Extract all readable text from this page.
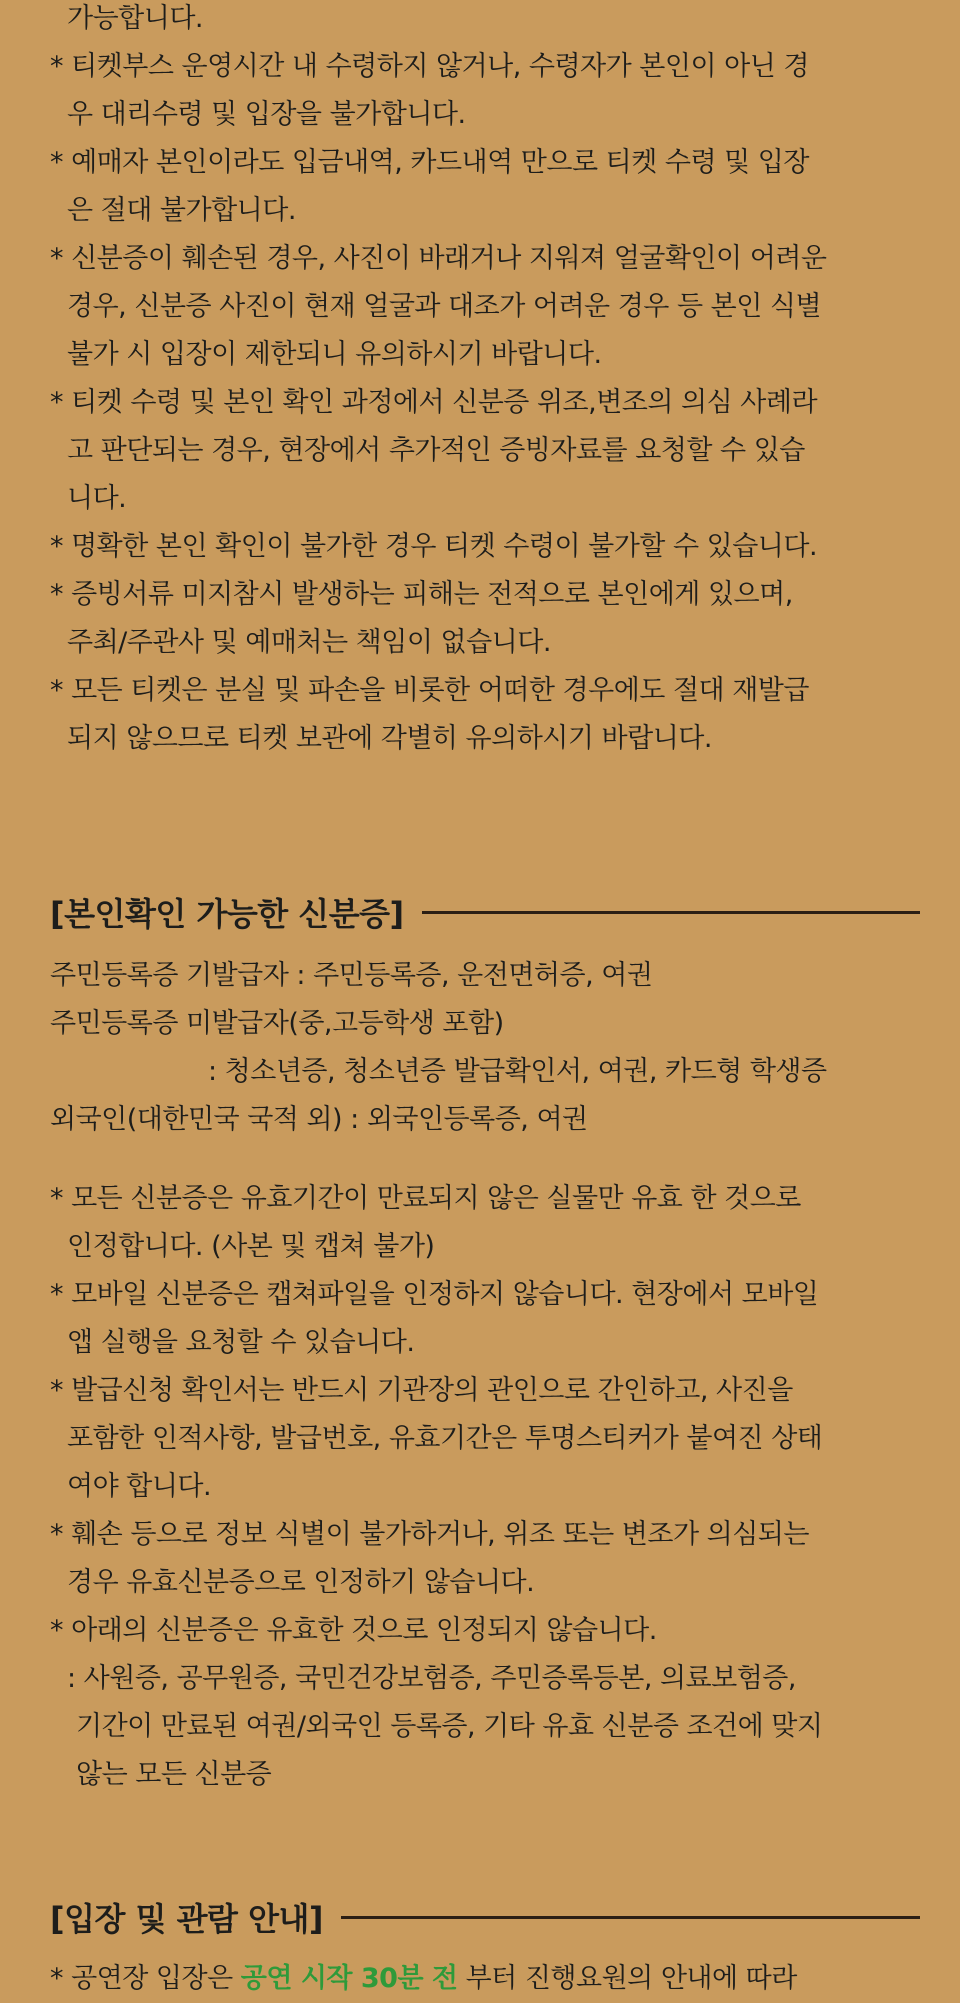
가능합니다.
* 티켓부스 운영시간 내 수령하지 않거나, 수령자가 본인이 아닌 경
우 대리수령 및 입장을 불가합니다.
* 예매자 본인이라도 입금내역, 카드내역 만으로 티켓 수령 및 입장
은 절대 불가합니다.
* 신분증이 훼손된 경우, 사진이 바래거나 지워져 얼굴확인이 어려운
경우, 신분증 사진이 현재 얼굴과 대조가 어려운 경우 등 본인 식별
불가 시 입장이 제한되니 유의하시기 바랍니다.
* 티켓 수령 및 본인 확인 과정에서 신분증 위조,변조의 의심 사례라
고 판단되는 경우, 현장에서 추가적인 증빙자료를 요청할 수 있습
니다.
* 명확한 본인 확인이 불가한 경우 티켓 수령이 불가할 수 있습니다.
* 증빙서류 미지참시 발생하는 피해는 전적으로 본인에게 있으며,
주최/주관사 및 예매처는 책임이 없습니다.
* 모든 티켓은 분실 및 파손을 비롯한 어떠한 경우에도 절대 재발급
되지 않으므로 티켓 보관에 각별히 유의하시기 바랍니다.
[본인확인 가능한 신분증]
주민등록증 기발급자 : 주민등록증, 운전면허증, 여권
주민등록증 미발급자(중,고등학생 포함)
: 청소년증, 청소년증 발급확인서, 여권, 카드형 학생증
외국인(대한민국 국적 외) : 외국인등록증, 여권
* 모든 신분증은 유효기간이 만료되지 않은 실물만 유효 한 것으로
인정합니다. (사본 및 캡쳐 불가)
* 모바일 신분증은 캡쳐파일을 인정하지 않습니다. 현장에서 모바일
앱 실행을 요청할 수 있습니다.
* 발급신청 확인서는 반드시 기관장의 관인으로 간인하고, 사진을
포함한 인적사항, 발급번호, 유효기간은 투명스티커가 붙여진 상태
여야 합니다.
* 훼손 등으로 정보 식별이 불가하거나, 위조 또는 변조가 의심되는
경우 유효신분증으로 인정하기 않습니다.
* 아래의 신분증은 유효한 것으로 인정되지 않습니다.
: 사원증, 공무원증, 국민건강보험증, 주민증록등본, 의료보험증,
기간이 만료된 여권/외국인 등록증, 기타 유효 신분증 조건에 맞지
않는 모든 신분증
[입장 및 관람 안내]
* 공연장 입장은 공연 시작 30분 전 부터 진행요원의 안내에 따라
